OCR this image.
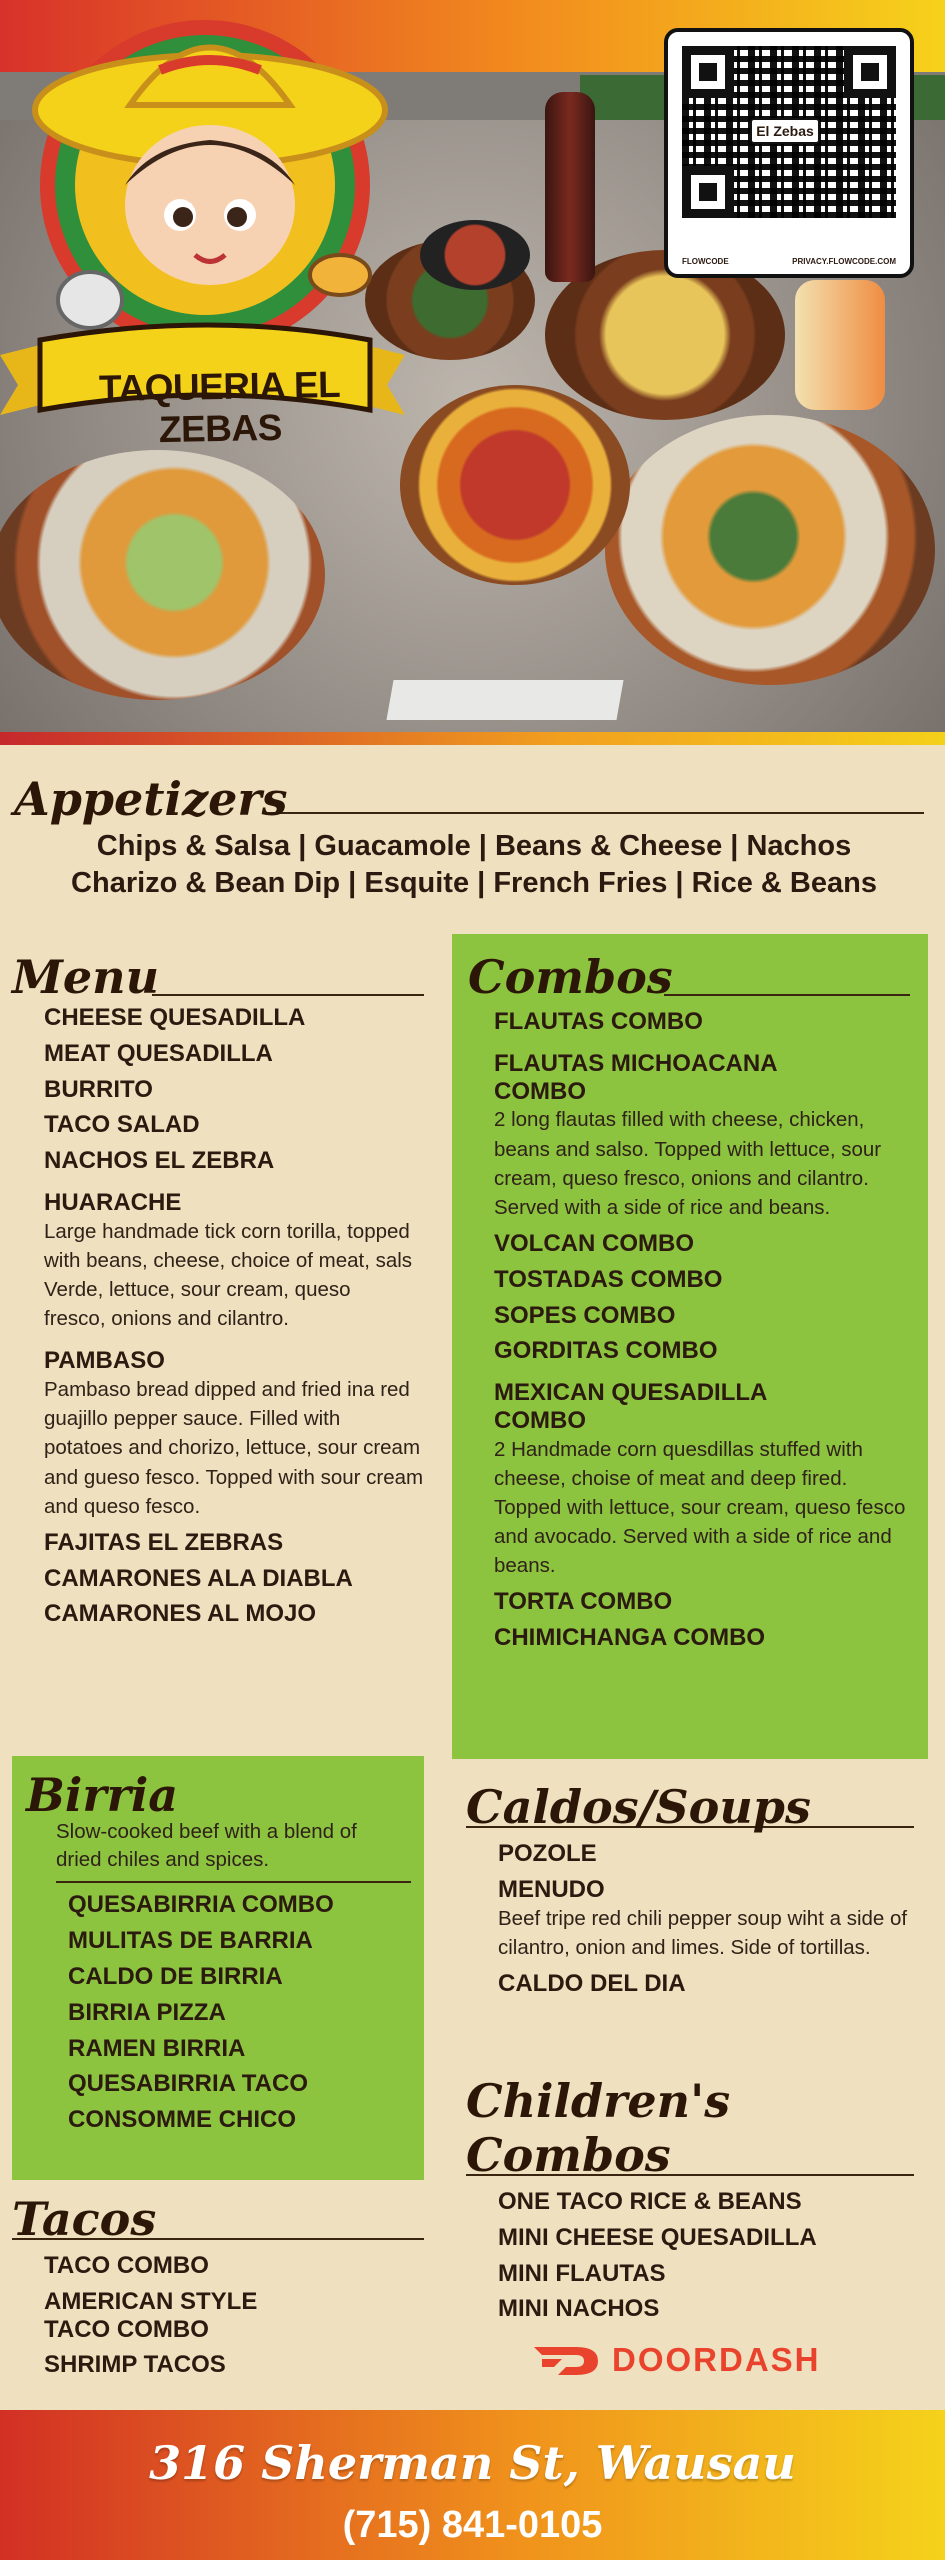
TAQUERIA EL ZEBAS
El Zebas
FLOWCODE	PRIVACY.FLOWCODE.COM
Appetizers
Chips & Salsa | Guacamole | Beans & Cheese | Nachos
Charizo & Bean Dip | Esquite | French Fries | Rice & Beans
Menu
CHEESE QUESADILLA
MEAT QUESADILLA
BURRITO
TACO SALAD
NACHOS EL ZEBRA
HUARACHE
Large handmade tick corn torilla, topped with beans, cheese, choice of meat, sals Verde, lettuce, sour cream, queso fresco, onions and cilantro.
PAMBASO
Pambaso bread dipped and fried ina red guajillo pepper sauce. Filled with potatoes and chorizo, lettuce, sour cream and gueso fesco. Topped with sour cream and queso fesco.
FAJITAS EL ZEBRAS
CAMARONES ALA DIABLA
CAMARONES AL MOJO
Combos
FLAUTAS COMBO
FLAUTAS MICHOACANA COMBO
2 long flautas filled with cheese, chicken, beans and salso. Topped with lettuce, sour cream, queso fresco, onions and cilantro. Served with a side of rice and beans.
VOLCAN COMBO
TOSTADAS COMBO
SOPES COMBO
GORDITAS COMBO
MEXICAN QUESADILLA COMBO
2 Handmade corn quesdillas stuffed with cheese, choise of meat and deep fired. Topped with lettuce, sour cream, queso fesco and avocado. Served with a side of rice and beans.
TORTA COMBO
CHIMICHANGA COMBO
Birria
Slow-cooked beef with a blend of dried chiles and spices.
QUESABIRRIA COMBO
MULITAS DE BARRIA
CALDO DE BIRRIA
BIRRIA PIZZA
RAMEN BIRRIA
QUESABIRRIA TACO
CONSOMME CHICO
Tacos
TACO COMBO
AMERICAN STYLE TACO COMBO
SHRIMP TACOS
Caldos/Soups
POZOLE
MENUDO
Beef tripe red chili pepper soup wiht a side of cilantro, onion and limes. Side of tortillas.
CALDO DEL DIA
Children's Combos
ONE TACO RICE & BEANS
MINI CHEESE QUESADILLA
MINI FLAUTAS
MINI NACHOS
DOORDASH
316 Sherman St, Wausau
(715) 841-0105
